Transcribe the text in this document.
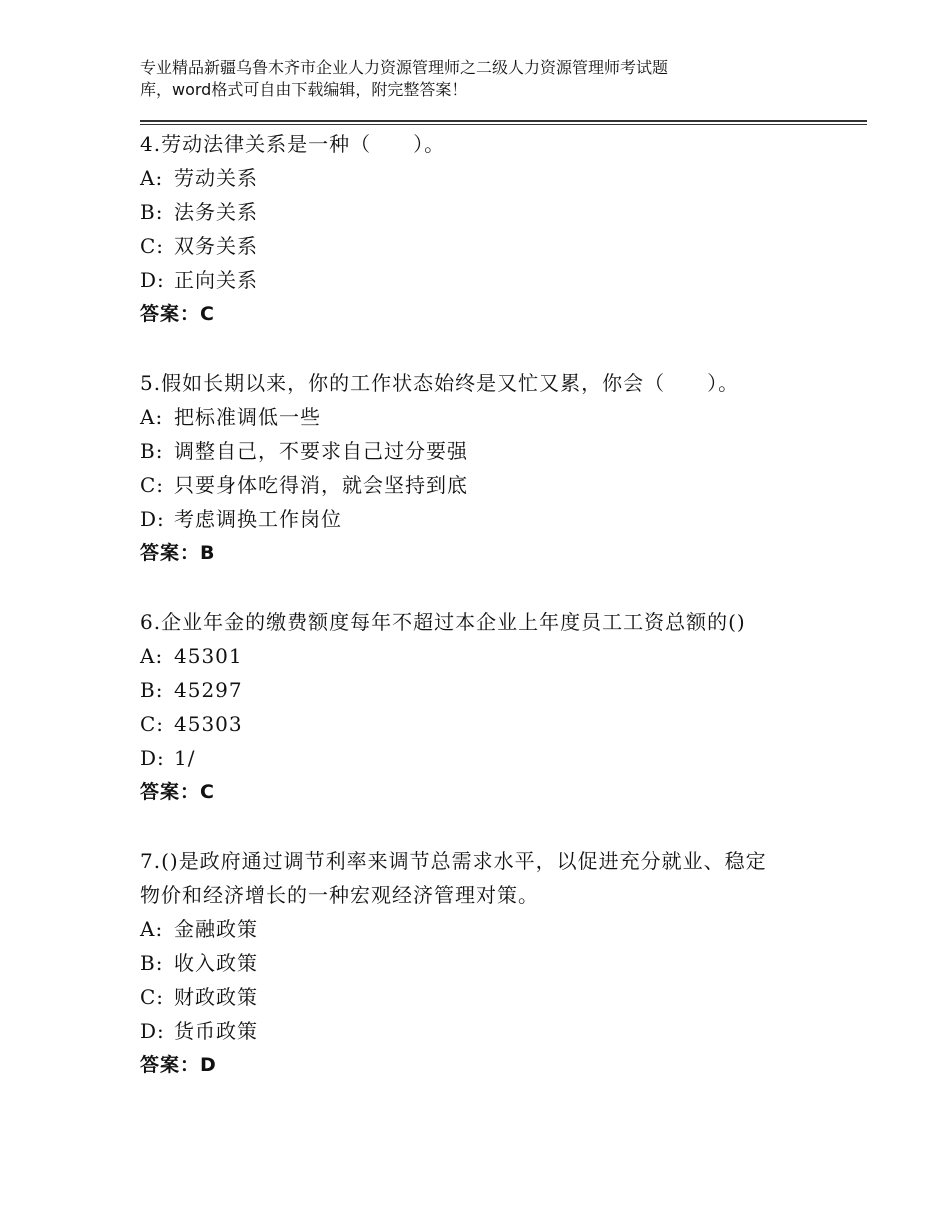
专业精品新疆乌鲁木齐市企业人力资源管理师之二级人力资源管理师考试题
库，word格式可自由下载编辑，附完整答案！
4.劳动法律关系是一种（　　）。
A: 劳动关系
B: 法务关系
C: 双务关系
D: 正向关系
答案：C
5.假如长期以来，你的工作状态始终是又忙又累，你会（　　）。
A: 把标准调低一些
B: 调整自己，不要求自己过分要强
C: 只要身体吃得消，就会坚持到底
D: 考虑调换工作岗位
答案：B
6.企业年金的缴费额度每年不超过本企业上年度员工工资总额的()
A: 45301
B: 45297
C: 45303
D: 1/
答案：C
7.()是政府通过调节利率来调节总需求水平，以促进充分就业、稳定
物价和经济增长的一种宏观经济管理对策。
A: 金融政策
B: 收入政策
C: 财政政策
D: 货币政策
答案：D
